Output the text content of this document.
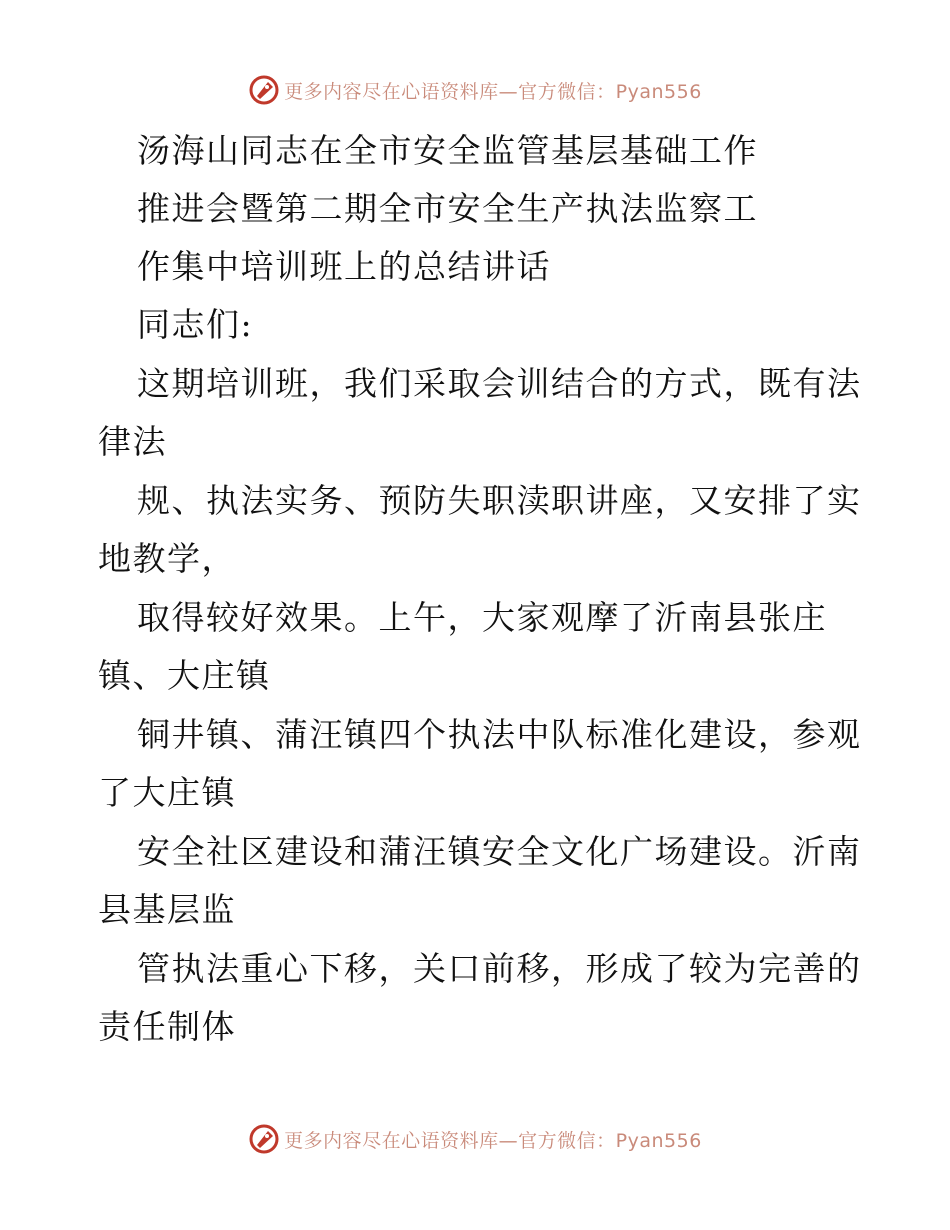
更多内容尽在心语资料库—官方微信：Pyan556
汤海山同志在全市安全监管基层基础工作
推进会暨第二期全市安全生产执法监察工
作集中培训班上的总结讲话
同志们:
这期培训班，我们采取会训结合的方式，既有法
律法
规、执法实务、预防失职渎职讲座，又安排了实
地教学，
取得较好效果。上午，大家观摩了沂南县张庄
镇、大庄镇
铜井镇、蒲汪镇四个执法中队标准化建设，参观
了大庄镇
安全社区建设和蒲汪镇安全文化广场建设。沂南
县基层监
管执法重心下移，关口前移，形成了较为完善的
责任制体
更多内容尽在心语资料库—官方微信：Pyan556
